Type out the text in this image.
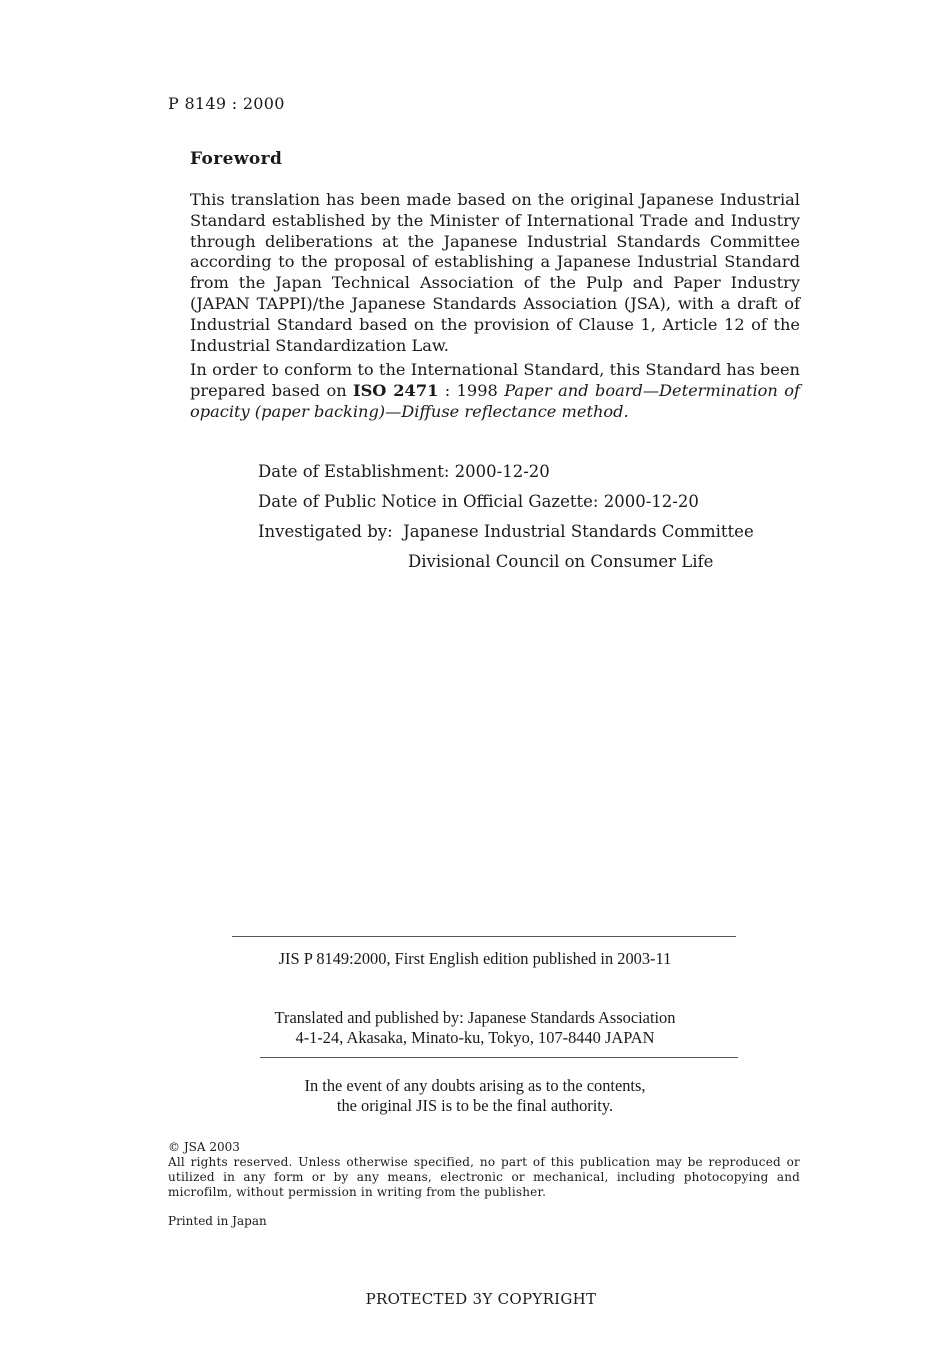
P 8149 : 2000
Foreword
This translation has been made based on the original Japanese Industrial Standard established by the Minister of International Trade and Industry through deliberations at the Japanese Industrial Standards Committee according to the proposal of establishing a Japanese Industrial Standard from the Japan Technical Association of the Pulp and Paper Industry (JAPAN TAPPI)/the Japanese Standards Association (JSA), with a draft of Industrial Standard based on the provision of Clause 1, Article 12 of the Industrial Standardization Law.
In order to conform to the International Standard, this Standard has been prepared based on ISO 2471 : 1998 Paper and board—Determination of opacity (paper backing)—Diffuse reflectance method.
Date of Establishment: 2000-12-20
Date of Public Notice in Official Gazette: 2000-12-20
Investigated by: Japanese Industrial Standards Committee
Divisional Council on Consumer Life
JIS P 8149:2000, First English edition published in 2003-11
Translated and published by: Japanese Standards Association
4-1-24, Akasaka, Minato-ku, Tokyo, 107-8440 JAPAN
In the event of any doubts arising as to the contents,
the original JIS is to be the final authority.
© JSA 2003
All rights reserved. Unless otherwise specified, no part of this publication may be reproduced or utilized in any form or by any means, electronic or mechanical, including photocopying and microfilm, without permission in writing from the publisher.
Printed in Japan
PROTECTED 3Y COPYRIGHT
